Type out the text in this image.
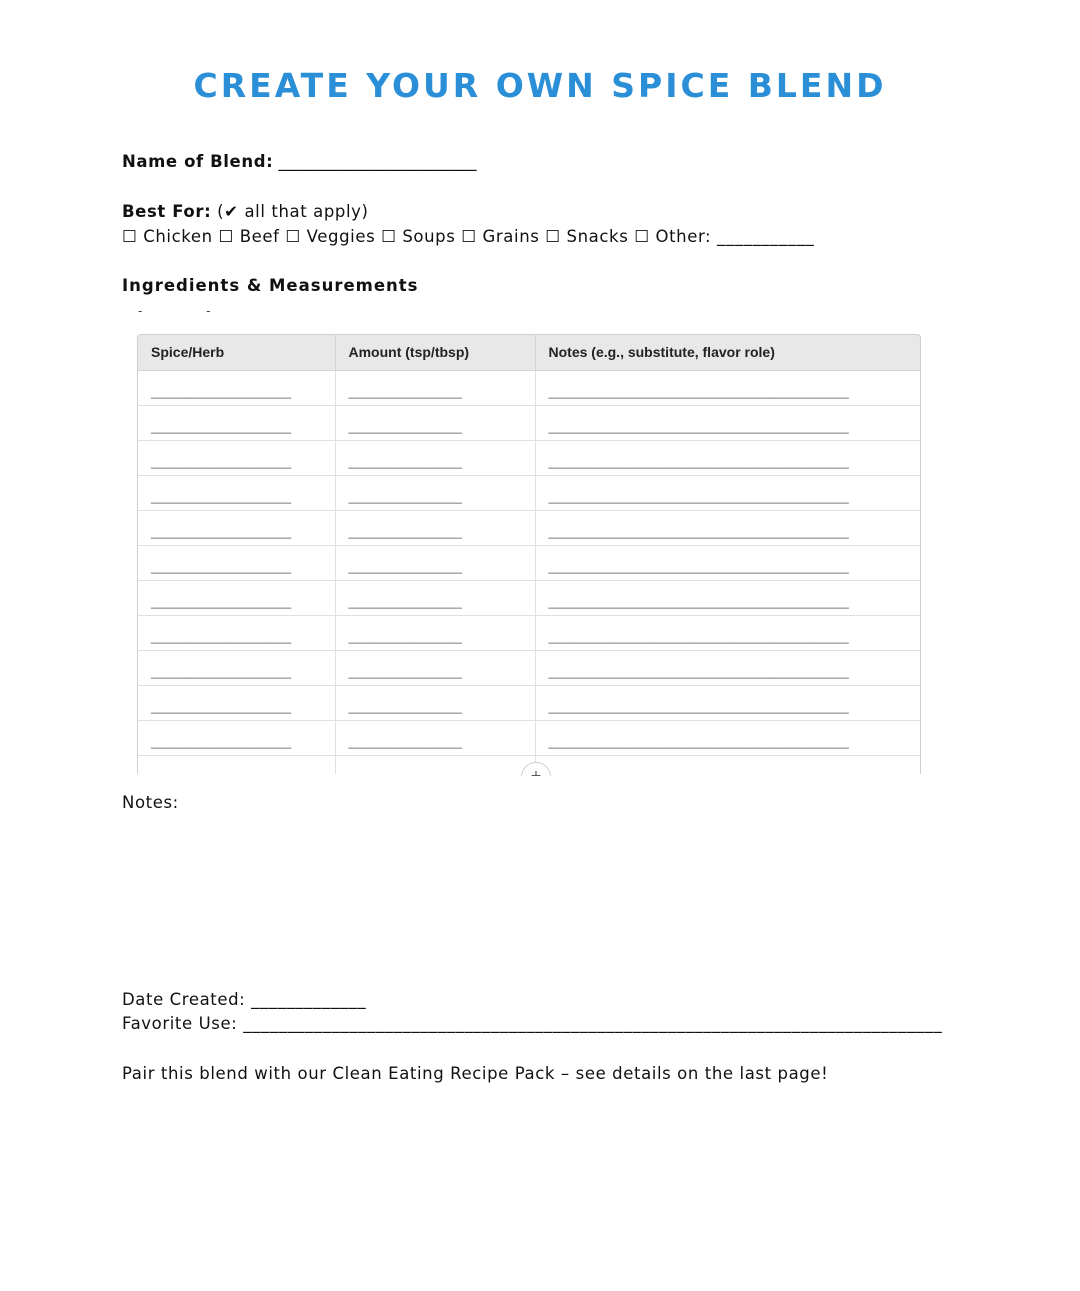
CREATE YOUR OWN SPICE BLEND
Name of Blend: ________________________
Best For: (✔ all that apply)
☐ Chicken ☐ Beef ☐ Veggies ☐ Soups ☐ Grains ☐ Snacks ☐ Other: ___________
Ingredients & Measurements
- -
Spice/Herb	Amount (tsp/tbsp)	Notes (e.g., substitute, flavor role)
_____________________	_________________	_____________________________________________
_____________________	_________________	_____________________________________________
_____________________	_________________	_____________________________________________
_____________________	_________________	_____________________________________________
_____________________	_________________	_____________________________________________
_____________________	_________________	_____________________________________________
_____________________	_________________	_____________________________________________
_____________________	_________________	_____________________________________________
_____________________	_________________	_____________________________________________
_____________________	_________________	_____________________________________________
_____________________	_________________	_____________________________________________

Notes:
Date Created: _____________
Favorite Use: _______________________________________________________________________________
Pair this blend with our Clean Eating Recipe Pack – see details on the last page!
